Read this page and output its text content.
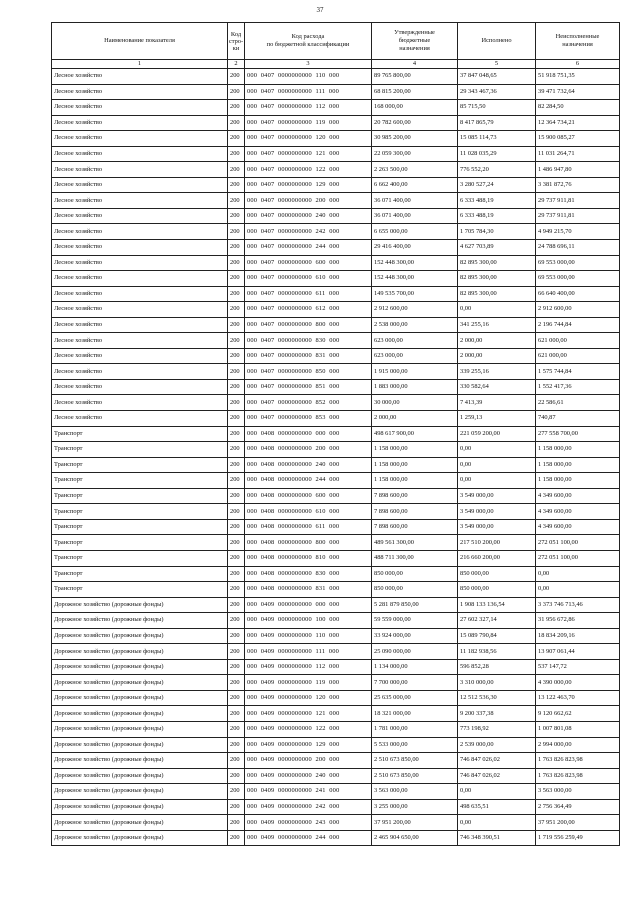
37
Наименование показателя	Код
стро-
ки	Код расхода
по бюджетной классификации	Утвержденные
бюджетные
назначения	Исполнено	Неисполненные
назначения
1	2	3	4	5	6
Лесное хозяйство	200	000  0407  0000000000  110  000	89 765 800,00	37 847 048,65	51 918 751,35
Лесное хозяйство	200	000  0407  0000000000  111  000	68 815 200,00	29 343 467,36	39 471 732,64
Лесное хозяйство	200	000  0407  0000000000  112  000	168 000,00	85 715,50	82 284,50
Лесное хозяйство	200	000  0407  0000000000  119  000	20 782 600,00	8 417 865,79	12 364 734,21
Лесное хозяйство	200	000  0407  0000000000  120  000	30 985 200,00	15 085 114,73	15 900 085,27
Лесное хозяйство	200	000  0407  0000000000  121  000	22 059 300,00	11 028 035,29	11 031 264,71
Лесное хозяйство	200	000  0407  0000000000  122  000	2 263 500,00	776 552,20	1 486 947,80
Лесное хозяйство	200	000  0407  0000000000  129  000	6 662 400,00	3 280 527,24	3 381 872,76
Лесное хозяйство	200	000  0407  0000000000  200  000	36 071 400,00	6 333 488,19	29 737 911,81
Лесное хозяйство	200	000  0407  0000000000  240  000	36 071 400,00	6 333 488,19	29 737 911,81
Лесное хозяйство	200	000  0407  0000000000  242  000	6 655 000,00	1 705 784,30	4 949 215,70
Лесное хозяйство	200	000  0407  0000000000  244  000	29 416 400,00	4 627 703,89	24 788 696,11
Лесное хозяйство	200	000  0407  0000000000  600  000	152 448 300,00	82 895 300,00	69 553 000,00
Лесное хозяйство	200	000  0407  0000000000  610  000	152 448 300,00	82 895 300,00	69 553 000,00
Лесное хозяйство	200	000  0407  0000000000  611  000	149 535 700,00	82 895 300,00	66 640 400,00
Лесное хозяйство	200	000  0407  0000000000  612  000	2 912 600,00	0,00	2 912 600,00
Лесное хозяйство	200	000  0407  0000000000  800  000	2 538 000,00	341 255,16	2 196 744,84
Лесное хозяйство	200	000  0407  0000000000  830  000	623 000,00	2 000,00	621 000,00
Лесное хозяйство	200	000  0407  0000000000  831  000	623 000,00	2 000,00	621 000,00
Лесное хозяйство	200	000  0407  0000000000  850  000	1 915 000,00	339 255,16	1 575 744,84
Лесное хозяйство	200	000  0407  0000000000  851  000	1 883 000,00	330 582,64	1 552 417,36
Лесное хозяйство	200	000  0407  0000000000  852  000	30 000,00	7 413,39	22 586,61
Лесное хозяйство	200	000  0407  0000000000  853  000	2 000,00	1 259,13	740,87
Транспорт	200	000  0408  0000000000  000  000	498 617 900,00	221 059 200,00	277 558 700,00
Транспорт	200	000  0408  0000000000  200  000	1 158 000,00	0,00	1 158 000,00
Транспорт	200	000  0408  0000000000  240  000	1 158 000,00	0,00	1 158 000,00
Транспорт	200	000  0408  0000000000  244  000	1 158 000,00	0,00	1 158 000,00
Транспорт	200	000  0408  0000000000  600  000	7 898 600,00	3 549 000,00	4 349 600,00
Транспорт	200	000  0408  0000000000  610  000	7 898 600,00	3 549 000,00	4 349 600,00
Транспорт	200	000  0408  0000000000  611  000	7 898 600,00	3 549 000,00	4 349 600,00
Транспорт	200	000  0408  0000000000  800  000	489 561 300,00	217 510 200,00	272 051 100,00
Транспорт	200	000  0408  0000000000  810  000	488 711 300,00	216 660 200,00	272 051 100,00
Транспорт	200	000  0408  0000000000  830  000	850 000,00	850 000,00	0,00
Транспорт	200	000  0408  0000000000  831  000	850 000,00	850 000,00	0,00
Дорожное хозяйство (дорожные фонды)	200	000  0409  0000000000  000  000	5 281 879 850,00	1 908 133 136,54	3 373 746 713,46
Дорожное хозяйство (дорожные фонды)	200	000  0409  0000000000  100  000	59 559 000,00	27 602 327,14	31 956 672,86
Дорожное хозяйство (дорожные фонды)	200	000  0409  0000000000  110  000	33 924 000,00	15 089 790,84	18 834 209,16
Дорожное хозяйство (дорожные фонды)	200	000  0409  0000000000  111  000	25 090 000,00	11 182 938,56	13 907 061,44
Дорожное хозяйство (дорожные фонды)	200	000  0409  0000000000  112  000	1 134 000,00	596 852,28	537 147,72
Дорожное хозяйство (дорожные фонды)	200	000  0409  0000000000  119  000	7 700 000,00	3 310 000,00	4 390 000,00
Дорожное хозяйство (дорожные фонды)	200	000  0409  0000000000  120  000	25 635 000,00	12 512 536,30	13 122 463,70
Дорожное хозяйство (дорожные фонды)	200	000  0409  0000000000  121  000	18 321 000,00	9 200 337,38	9 120 662,62
Дорожное хозяйство (дорожные фонды)	200	000  0409  0000000000  122  000	1 781 000,00	773 198,92	1 007 801,08
Дорожное хозяйство (дорожные фонды)	200	000  0409  0000000000  129  000	5 533 000,00	2 539 000,00	2 994 000,00
Дорожное хозяйство (дорожные фонды)	200	000  0409  0000000000  200  000	2 510 673 850,00	746 847 026,02	1 763 826 823,98
Дорожное хозяйство (дорожные фонды)	200	000  0409  0000000000  240  000	2 510 673 850,00	746 847 026,02	1 763 826 823,98
Дорожное хозяйство (дорожные фонды)	200	000  0409  0000000000  241  000	3 563 000,00	0,00	3 563 000,00
Дорожное хозяйство (дорожные фонды)	200	000  0409  0000000000  242  000	3 255 000,00	498 635,51	2 756 364,49
Дорожное хозяйство (дорожные фонды)	200	000  0409  0000000000  243  000	37 951 200,00	0,00	37 951 200,00
Дорожное хозяйство (дорожные фонды)	200	000  0409  0000000000  244  000	2 465 904 650,00	746 348 390,51	1 719 556 259,49
